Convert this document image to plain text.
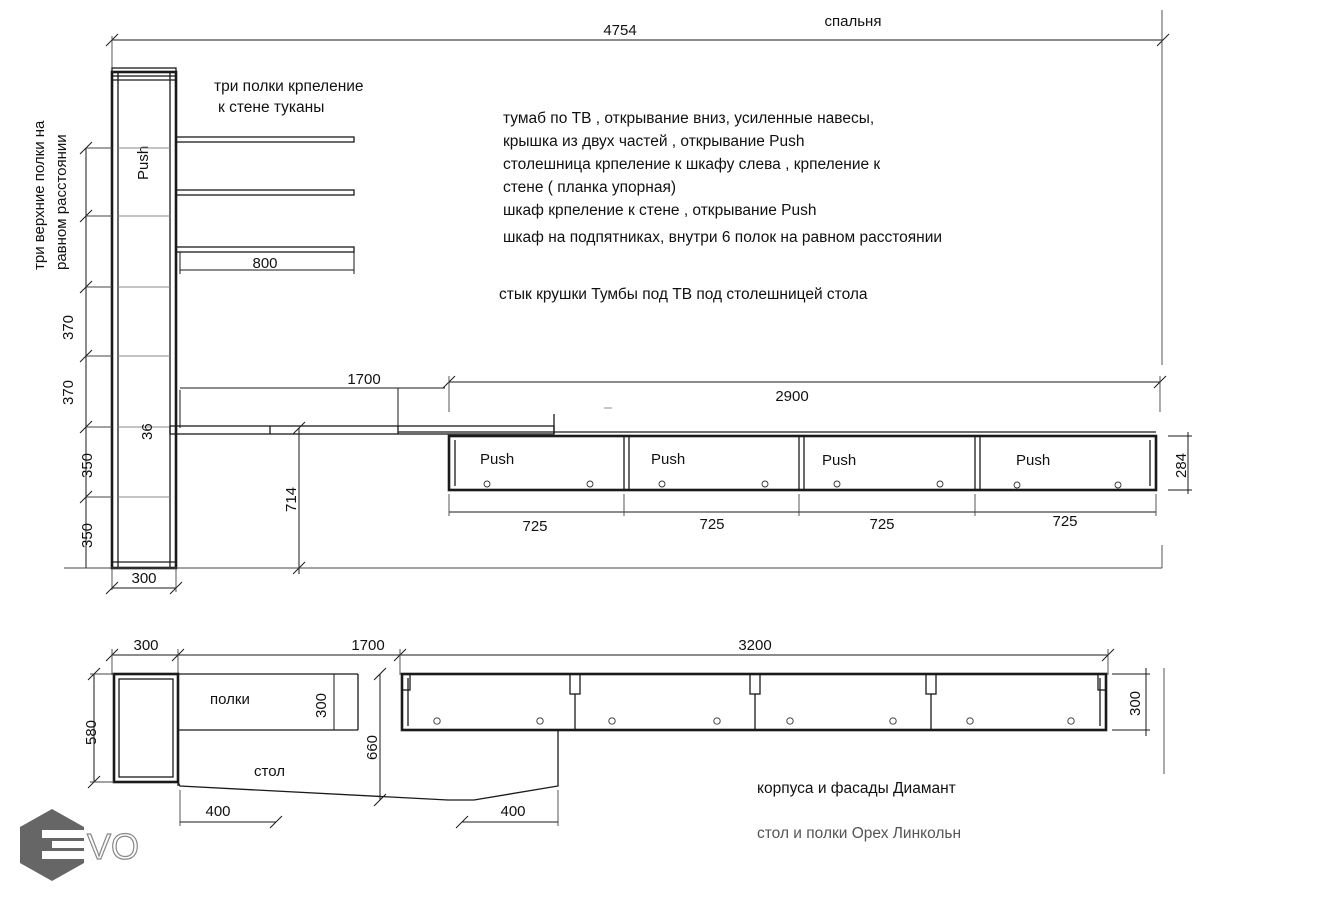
4754
спальня
три верхние полки на равном расстоянии	Push
370
370
350
350
36
300
800
три полки крпеление
к стене туканы
тумаб по ТВ , открывание вниз, усиленные навесы,
крышка из двух частей , открывание Push
столешница крпеление к шкафу слева , крпеление к
стене ( планка упорная)
шкаф крпеление к стене , открывание Push
шкаф на подпятниках, внутри 6 полок на равном расстоянии
стык крушки Тумбы под ТВ под столешницей стола
1700
714
2900
Push	Push	Push	Push	284
725	725	725	725
300	1700	3200
580
полки	300
стол
660
400	400
300
корпуса и фасады Диамант
стол и полки Орех Линкольн
VO
